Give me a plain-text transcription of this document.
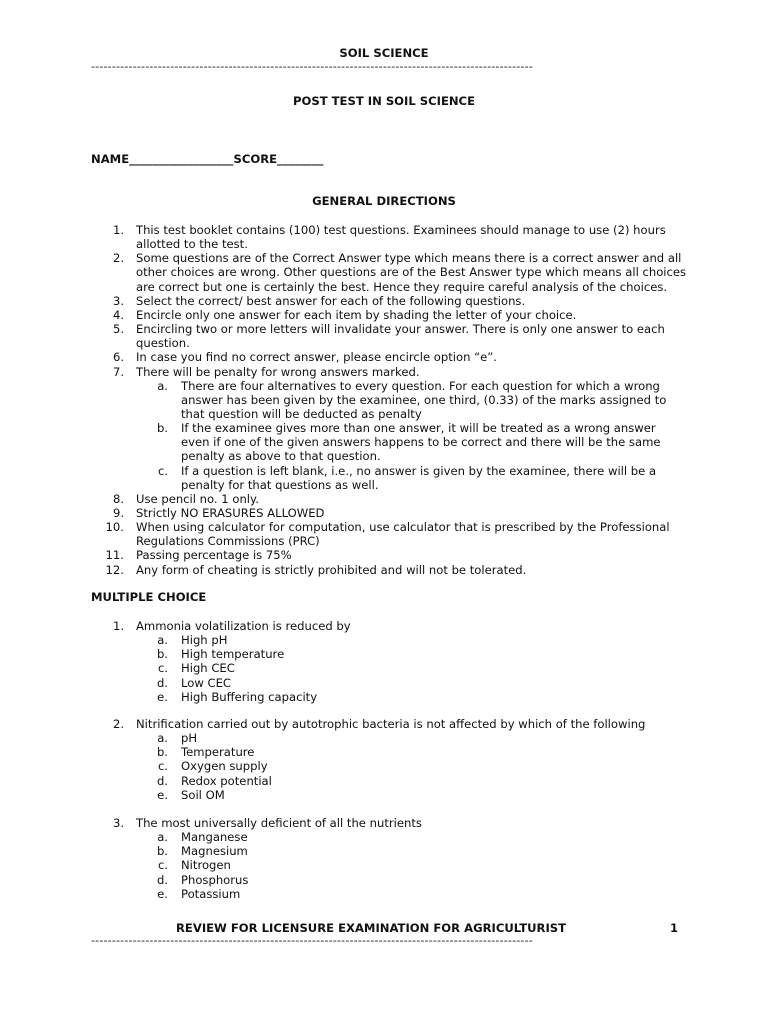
SOIL SCIENCE
----------------------------------------------------------------------------------------------------------
POST TEST IN SOIL SCIENCE
NAME__________________SCORE________
GENERAL DIRECTIONS
1. This test booklet contains (100) test questions. Examinees should manage to use (2) hours
allotted to the test.
2. Some questions are of the Correct Answer type which means there is a correct answer and all
other choices are wrong. Other questions are of the Best Answer type which means all choices
are correct but one is certainly the best. Hence they require careful analysis of the choices.
3. Select the correct/ best answer for each of the following questions.
4. Encircle only one answer for each item by shading the letter of your choice.
5. Encircling two or more letters will invalidate your answer. There is only one answer to each
question.
6. In case you find no correct answer, please encircle option “e”.
7. There will be penalty for wrong answers marked.
a. There are four alternatives to every question. For each question for which a wrong
answer has been given by the examinee, one third, (0.33) of the marks assigned to
that question will be deducted as penalty
b. If the examinee gives more than one answer, it will be treated as a wrong answer
even if one of the given answers happens to be correct and there will be the same
penalty as above to that question.
c. If a question is left blank, i.e., no answer is given by the examinee, there will be a
penalty for that questions as well.
8. Use pencil no. 1 only.
9. Strictly NO ERASURES ALLOWED
10. When using calculator for computation, use calculator that is prescribed by the Professional
Regulations Commissions (PRC)
11. Passing percentage is 75%
12. Any form of cheating is strictly prohibited and will not be tolerated.
MULTIPLE CHOICE
1. Ammonia volatilization is reduced by
a. High pH
b. High temperature
c. High CEC
d. Low CEC
e. High Buffering capacity
2. Nitrification carried out by autotrophic bacteria is not affected by which of the following
a. pH
b. Temperature
c. Oxygen supply
d. Redox potential
e. Soil OM
3. The most universally deficient of all the nutrients
a. Manganese
b. Magnesium
c. Nitrogen
d. Phosphorus
e. Potassium
REVIEW FOR LICENSURE EXAMINATION FOR AGRICULTURIST	1
----------------------------------------------------------------------------------------------------------
